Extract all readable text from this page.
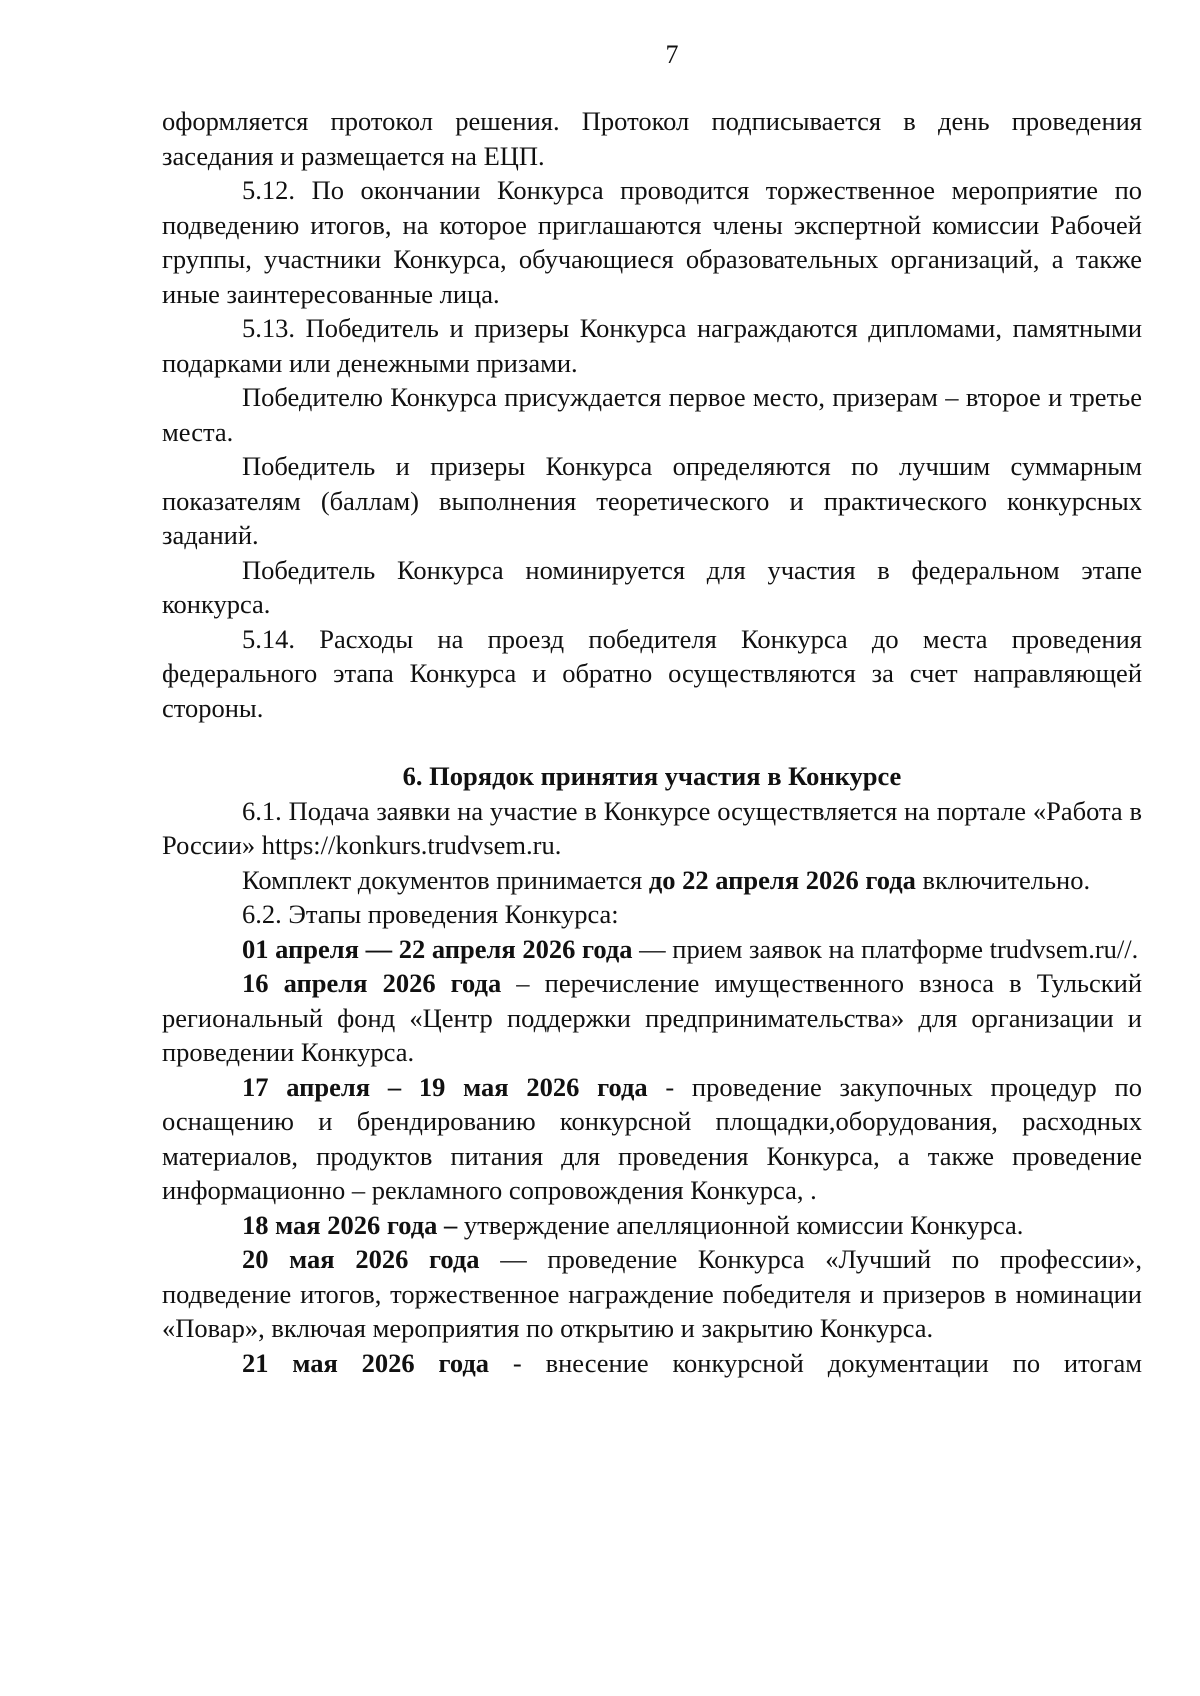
7

оформляется протокол решения. Протокол подписывается в день проведения заседания и размещается на ЕЦП.

5.12. По окончании Конкурса проводится торжественное мероприятие по подведению итогов, на которое приглашаются члены экспертной комиссии Рабочей группы, участники Конкурса, обучающиеся образовательных организаций, а также иные заинтересованные лица.

5.13. Победитель и призеры Конкурса награждаются дипломами, памятными подарками или денежными призами.

Победителю Конкурса присуждается первое место, призерам – второе и третье места.

Победитель и призеры Конкурса определяются по лучшим суммарным показателям (баллам) выполнения теоретического и практического конкурсных заданий.

Победитель Конкурса номинируется для участия в федеральном этапе конкурса.

5.14. Расходы на проезд победителя Конкурса до места проведения федерального этапа Конкурса и обратно осуществляются за счет направляющей стороны.

6. Порядок принятия участия в Конкурсе

6.1. Подача заявки на участие в Конкурсе осуществляется на портале «Работа в России» https://konkurs.trudvsem.ru.

Комплект документов принимается до 22 апреля 2026 года включительно.

6.2. Этапы проведения Конкурса:

01 апреля — 22 апреля 2026 года — прием заявок на платформе trudvsem.ru//.

16 апреля 2026 года – перечисление имущественного взноса в Тульский региональный фонд «Центр поддержки предпринимательства» для организации и проведении Конкурса.

17 апреля – 19 мая 2026 года - проведение закупочных процедур по оснащению и брендированию конкурсной площадки,оборудования, расходных материалов, продуктов питания для проведения Конкурса, а также проведение информационно – рекламного сопровождения Конкурса, .

18 мая 2026 года – утверждение апелляционной комиссии Конкурса.

20 мая 2026 года — проведение Конкурса «Лучший по профессии», подведение итогов, торжественное награждение победителя и призеров в номинации «Повар», включая мероприятия по открытию и закрытию Конкурса.

21 мая 2026 года - внесение конкурсной документации по итогам
